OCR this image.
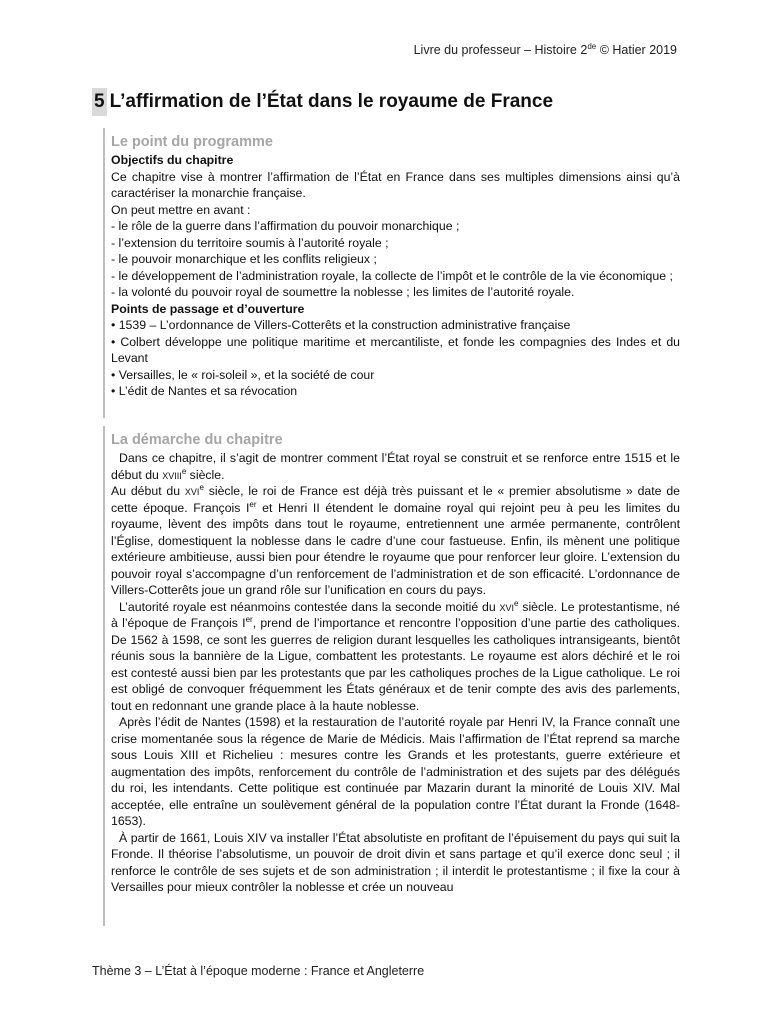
Livre du professeur – Histoire 2de © Hatier 2019
5 L’affirmation de l’État dans le royaume de France
Le point du programme
Objectifs du chapitre

Ce chapitre vise à montrer l’affirmation de l’État en France dans ses multiples dimensions ainsi qu’à caractériser la monarchie française.

On peut mettre en avant :
- le rôle de la guerre dans l’affirmation du pouvoir monarchique ;
- l’extension du territoire soumis à l’autorité royale ;
- le pouvoir monarchique et les conflits religieux ;
- le développement de l’administration royale, la collecte de l’impôt et le contrôle de la vie économique ;
- la volonté du pouvoir royal de soumettre la noblesse ; les limites de l’autorité royale.
Points de passage et d’ouverture
• 1539 – L’ordonnance de Villers-Cotterêts et la construction administrative française
• Colbert développe une politique maritime et mercantiliste, et fonde les compagnies des Indes et du Levant
• Versailles, le « roi-soleil », et la société de cour
• L’édit de Nantes et sa révocation
La démarche du chapitre

Dans ce chapitre, il s’agit de montrer comment l’État royal se construit et se renforce entre 1515 et le début du xviii$^e$ siècle.

Au début du xvi$^e$ siècle, le roi de France est déjà très puissant et le « premier absolutisme » date de cette époque. François Ier et Henri II étendent le domaine royal qui rejoint peu à peu les limites du royaume, lèvent des impôts dans tout le royaume, entretiennent une armée permanente, contrôlent l’Église, domestiquent la noblesse dans le cadre d’une cour fastueuse. Enfin, ils mènent une politique extérieure ambitieuse, aussi bien pour étendre le royaume que pour renforcer leur gloire. L’extension du pouvoir royal s’accompagne d’un renforcement de l’administration et de son efficacité. L’ordonnance de Villers-Cotterêts joue un grand rôle sur l’unification en cours du pays.

L’autorité royale est néanmoins contestée dans la seconde moitié du xvi$^e$ siècle. Le protestantisme, né à l’époque de François Ier, prend de l’importance et rencontre l’opposition d’une partie des catholiques. De 1562 à 1598, ce sont les guerres de religion durant lesquelles les catholiques intransigeants, bientôt réunis sous la bannière de la Ligue, combattent les protestants. Le royaume est alors déchiré et le roi est contesté aussi bien par les protestants que par les catholiques proches de la Ligue catholique. Le roi est obligé de convoquer fréquemment les États généraux et de tenir compte des avis des parlements, tout en redonnant une grande place à la haute noblesse.

Après l’édit de Nantes (1598) et la restauration de l’autorité royale par Henri IV, la France connaît une crise momentanée sous la régence de Marie de Médicis. Mais l’affirmation de l’État reprend sa marche sous Louis XIII et Richelieu : mesures contre les Grands et les protestants, guerre extérieure et augmentation des impôts, renforcement du contrôle de l’administration et des sujets par des délégués du roi, les intendants. Cette politique est continuée par Mazarin durant la minorité de Louis XIV. Mal acceptée, elle entraîne un soulèvement général de la population contre l’État durant la Fronde (1648-1653).

À partir de 1661, Louis XIV va installer l’État absolutiste en profitant de l’épuisement du pays qui suit la Fronde. Il théorise l’absolutisme, un pouvoir de droit divin et sans partage et qu’il exerce donc seul ; il renforce le contrôle de ses sujets et de son administration ; il interdit le protestantisme ; il fixe la cour à Versailles pour mieux contrôler la noblesse et crée un nouveau

Thème 3 – L’État à l’époque moderne : France et Angleterre
